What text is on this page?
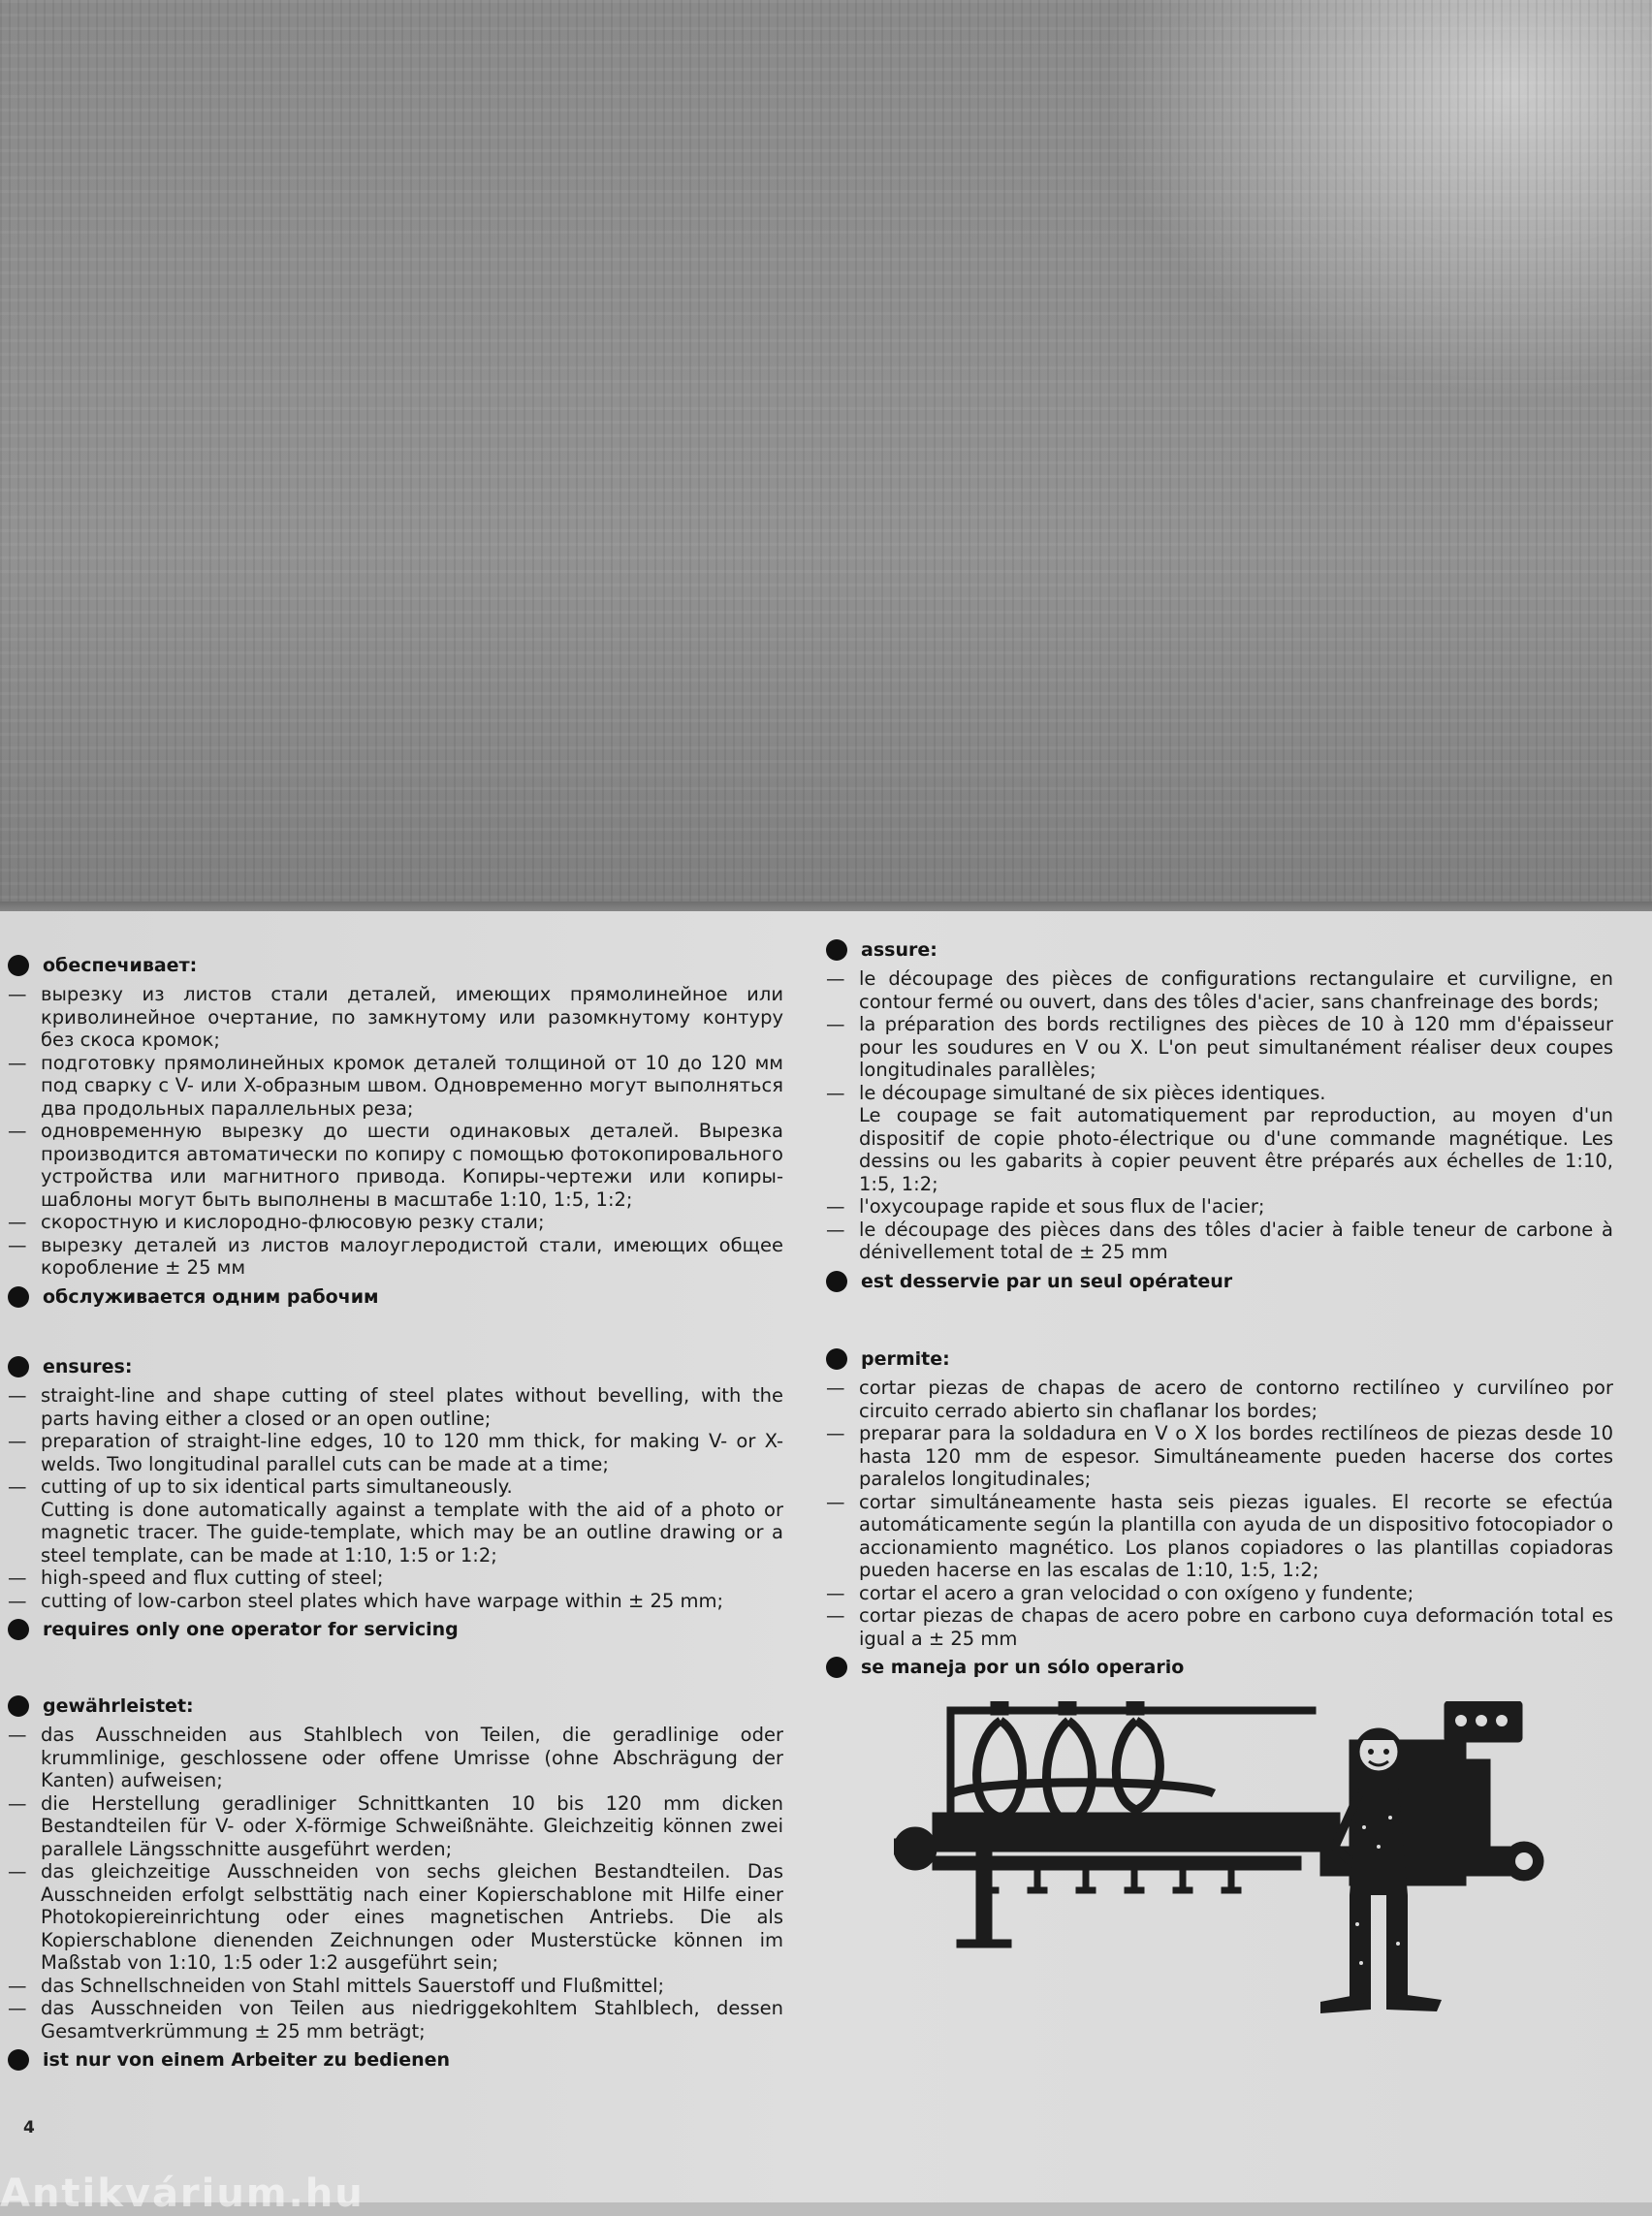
обеспечивает:
— вырезку из листов стали деталей, имеющих прямолинейное или криволинейное очертание, по замкнутому или разомкнутому контуру без скоса кромок;
— подготовку прямолинейных кромок деталей толщиной от 10 до 120 мм под сварку с V- или X-образным швом. Одновременно могут выполняться два продольных параллельных реза;
— одновременную вырезку до шести одинаковых деталей. Вырезка производится автоматически по копиру с помощью фотокопировального устройства или магнитного привода. Копиры-чертежи или копиры-шаблоны могут быть выполнены в масштабе 1:10, 1:5, 1:2;
— скоростную и кислородно-флюсовую резку стали;
— вырезку деталей из листов малоуглеродистой стали, имеющих общее коробление ± 25 мм
обслуживается одним рабочим
ensures:
— straight-line and shape cutting of steel plates without bevelling, with the parts having either a closed or an open outline;
— preparation of straight-line edges, 10 to 120 mm thick, for making V- or X-welds. Two longitudinal parallel cuts can be made at a time;
— cutting of up to six identical parts simultaneously.
Cutting is done automatically against a template with the aid of a photo or magnetic tracer. The guide-template, which may be an outline drawing or a steel template, can be made at 1:10, 1:5 or 1:2;
— high-speed and flux cutting of steel;
— cutting of low-carbon steel plates which have warpage within ± 25 mm;
requires only one operator for servicing
gewährleistet:
— das Ausschneiden aus Stahlblech von Teilen, die geradlinige oder krummlinige, geschlossene oder offene Umrisse (ohne Abschrägung der Kanten) aufweisen;
— die Herstellung geradliniger Schnittkanten 10 bis 120 mm dicken Bestandteilen für V- oder X-förmige Schweißnähte. Gleichzeitig können zwei parallele Längsschnitte ausgeführt werden;
— das gleichzeitige Ausschneiden von sechs gleichen Bestandteilen. Das Ausschneiden erfolgt selbsttätig nach einer Kopierschablone mit Hilfe einer Photokopiereinrichtung oder eines magnetischen Antriebs. Die als Kopierschablone dienenden Zeichnungen oder Musterstücke können im Maßstab von 1:10, 1:5 oder 1:2 ausgeführt sein;
— das Schnellschneiden von Stahl mittels Sauerstoff und Flußmittel;
— das Ausschneiden von Teilen aus niedriggekohltem Stahlblech, dessen Gesamtverkrümmung ± 25 mm beträgt;
ist nur von einem Arbeiter zu bedienen
4
assure:
— le découpage des pièces de configurations rectangulaire et curviligne, en contour fermé ou ouvert, dans des tôles d'acier, sans chanfreinage des bords;
— la préparation des bords rectilignes des pièces de 10 à 120 mm d'épaisseur pour les soudures en V ou X. L'on peut simultanément réaliser deux coupes longitudinales parallèles;
— le découpage simultané de six pièces identiques.
Le coupage se fait automatiquement par reproduction, au moyen d'un dispositif de copie photo-électrique ou d'une commande magnétique. Les dessins ou les gabarits à copier peuvent être préparés aux échelles de 1:10, 1:5, 1:2;
— l'oxycoupage rapide et sous flux de l'acier;
— le découpage des pièces dans des tôles d'acier à faible teneur de carbone à dénivellement total de ± 25 mm
est desservie par un seul opérateur
permite:
— cortar piezas de chapas de acero de contorno rectilíneo y curvilíneo por circuito cerrado abierto sin chaflanar los bordes;
— preparar para la soldadura en V o X los bordes rectilíneos de piezas desde 10 hasta 120 mm de espesor. Simultáneamente pueden hacerse dos cortes paralelos longitudinales;
— cortar simultáneamente hasta seis piezas iguales. El recorte se efectúa automáticamente según la plantilla con ayuda de un dispositivo fotocopiador o accionamiento magnético. Los planos copiadores o las plantillas copiadoras pueden hacerse en las escalas de 1:10, 1:5, 1:2;
— cortar el acero a gran velocidad o con oxígeno y fundente;
— cortar piezas de chapas de acero pobre en carbono cuya deformación total es igual a ± 25 mm
se maneja por un sólo operario
Antikvárium.hu
